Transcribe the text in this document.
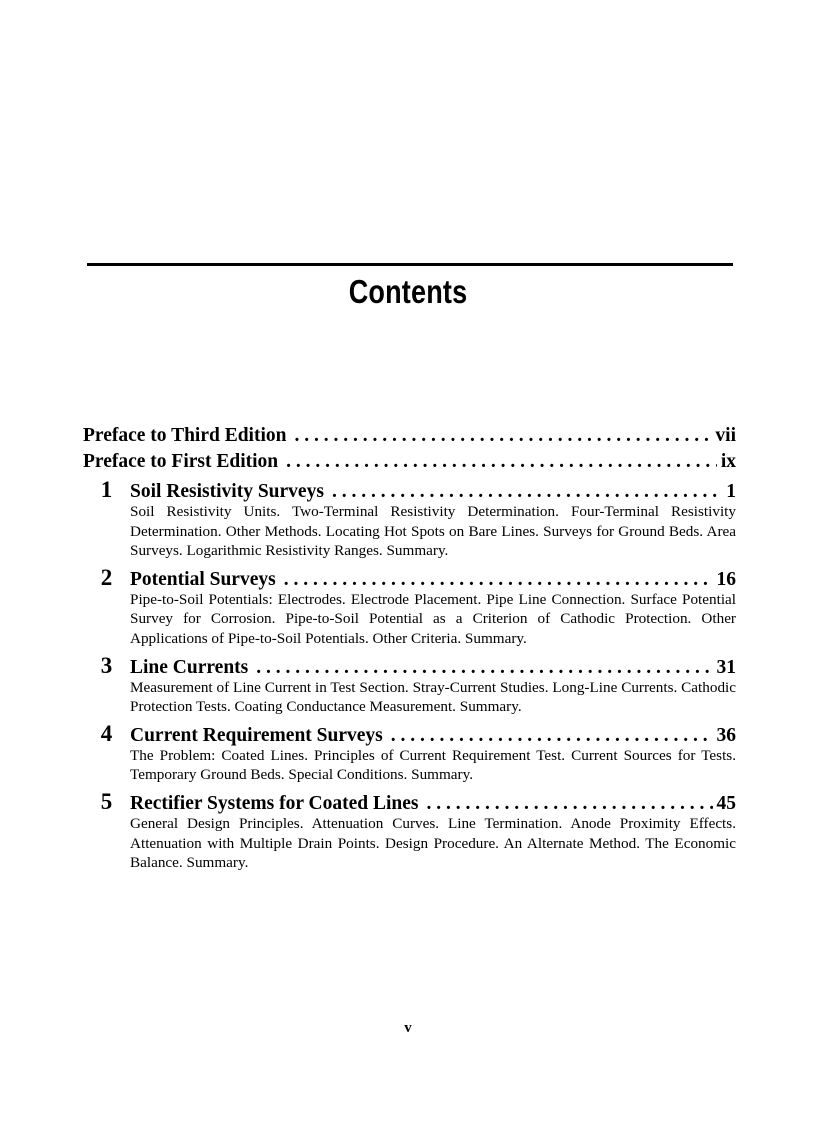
Contents
Preface to Third Edition . . .	vii
Preface to First Edition . . .	ix
1 Soil Resistivity Surveys . . .	1
Soil Resistivity Units. Two-Terminal Resistivity Determination. Four-Terminal Resistivity Determination. Other Methods. Locating Hot Spots on Bare Lines. Surveys for Ground Beds. Area Surveys. Logarithmic Resistivity Ranges. Summary.
2 Potential Surveys . . .	16
Pipe-to-Soil Potentials: Electrodes. Electrode Placement. Pipe Line Connection. Surface Potential Survey for Corrosion. Pipe-to-Soil Potential as a Criterion of Cathodic Protection. Other Applications of Pipe-to-Soil Potentials. Other Criteria. Summary.
3 Line Currents . . .	31
Measurement of Line Current in Test Section. Stray-Current Studies. Long-Line Currents. Cathodic Protection Tests. Coating Conductance Measurement. Summary.
4 Current Requirement Surveys . . .	36
The Problem: Coated Lines. Principles of Current Requirement Test. Current Sources for Tests. Temporary Ground Beds. Special Conditions. Summary.
5 Rectifier Systems for Coated Lines . . .	45
General Design Principles. Attenuation Curves. Line Termination. Anode Proximity Effects. Attenuation with Multiple Drain Points. Design Procedure. An Alternate Method. The Economic Balance. Summary.
v
